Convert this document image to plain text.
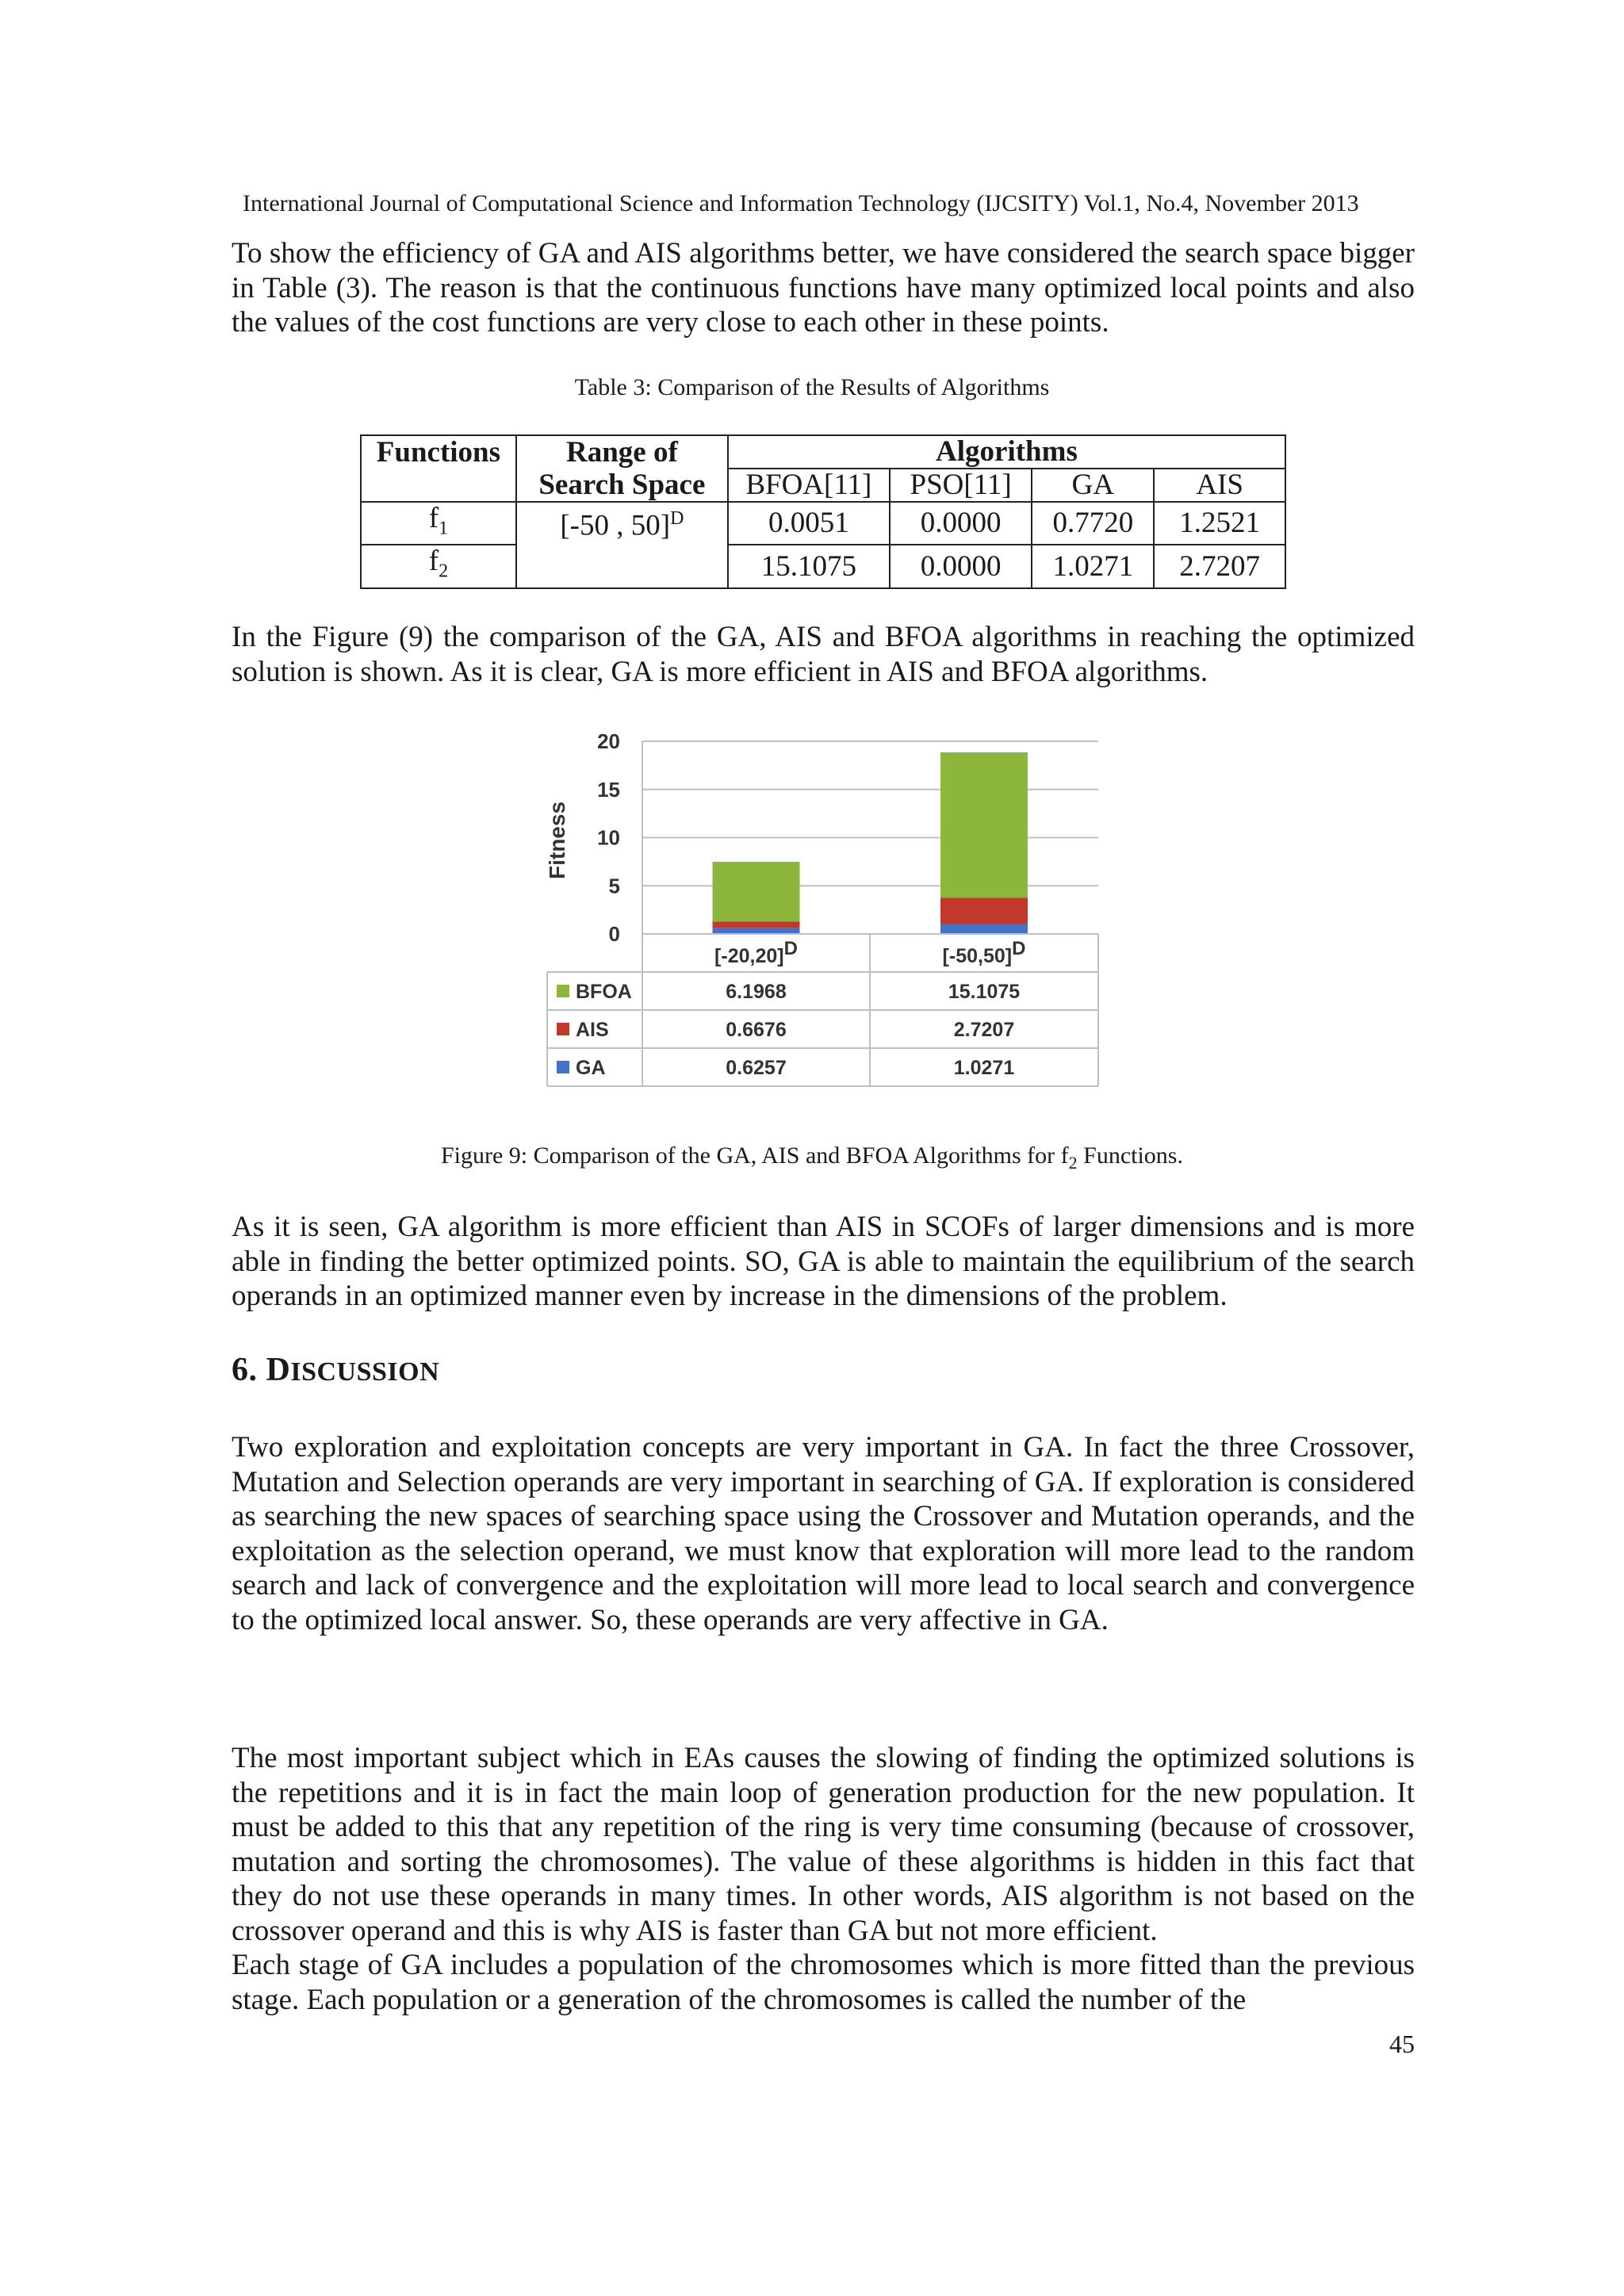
International Journal of Computational Science and Information Technology (IJCSITY) Vol.1, No.4, November 2013

To show the efficiency of GA and AIS algorithms better, we have considered the search space bigger in Table (3). The reason is that the continuous functions have many optimized local points and also the values of the cost functions are very close to each other in these points.

Table 3: Comparison of the Results of Algorithms
Functions	Range of	Algorithms			
	Search Space	BFOA[11]	PSO[11]	GA	AIS
$f_1$	[-50 , 50]$^D$	0.0051	0.0000	0.7720	1.2521
$f_2$		15.1075	0.0000	1.0271	2.7207

In the Figure (9) the comparison of the GA, AIS and BFOA algorithms in reaching the optimized solution is shown. As it is clear, GA is more efficient in AIS and BFOA algorithms.

0
5
10
15
20
[-20,20]D	[-50,50]D
BFOA	6.1968	15.1075
AIS	0.6676	2.7207
GA	0.6257	1.0271
Fitness
Figure 9: Comparison of the GA, AIS and BFOA Algorithms for $f_2$ Functions.

As it is seen, GA algorithm is more efficient than AIS in SCOFs of larger dimensions and is more able in finding the better optimized points. SO, GA is able to maintain the equilibrium of the search operands in an optimized manner even by increase in the dimensions of the problem.

6. DISCUSSION

Two exploration and exploitation concepts are very important in GA. In fact the three Crossover, Mutation and Selection operands are very important in searching of GA. If exploration is considered as searching the new spaces of searching space using the Crossover and Mutation operands, and the exploitation as the selection operand, we must know that exploration will more lead to the random search and lack of convergence and the exploitation will more lead to local search and convergence to the optimized local answer. So, these operands are very affective in GA.

The most important subject which in EAs causes the slowing of finding the optimized solutions is the repetitions and it is in fact the main loop of generation production for the new population. It must be added to this that any repetition of the ring is very time consuming (because of crossover, mutation and sorting the chromosomes). The value of these algorithms is hidden in this fact that they do not use these operands in many times. In other words, AIS algorithm is not based on the crossover operand and this is why AIS is faster than GA but not more efficient.

Each stage of GA includes a population of the chromosomes which is more fitted than the previous stage. Each population or a generation of the chromosomes is called the number of the

45
